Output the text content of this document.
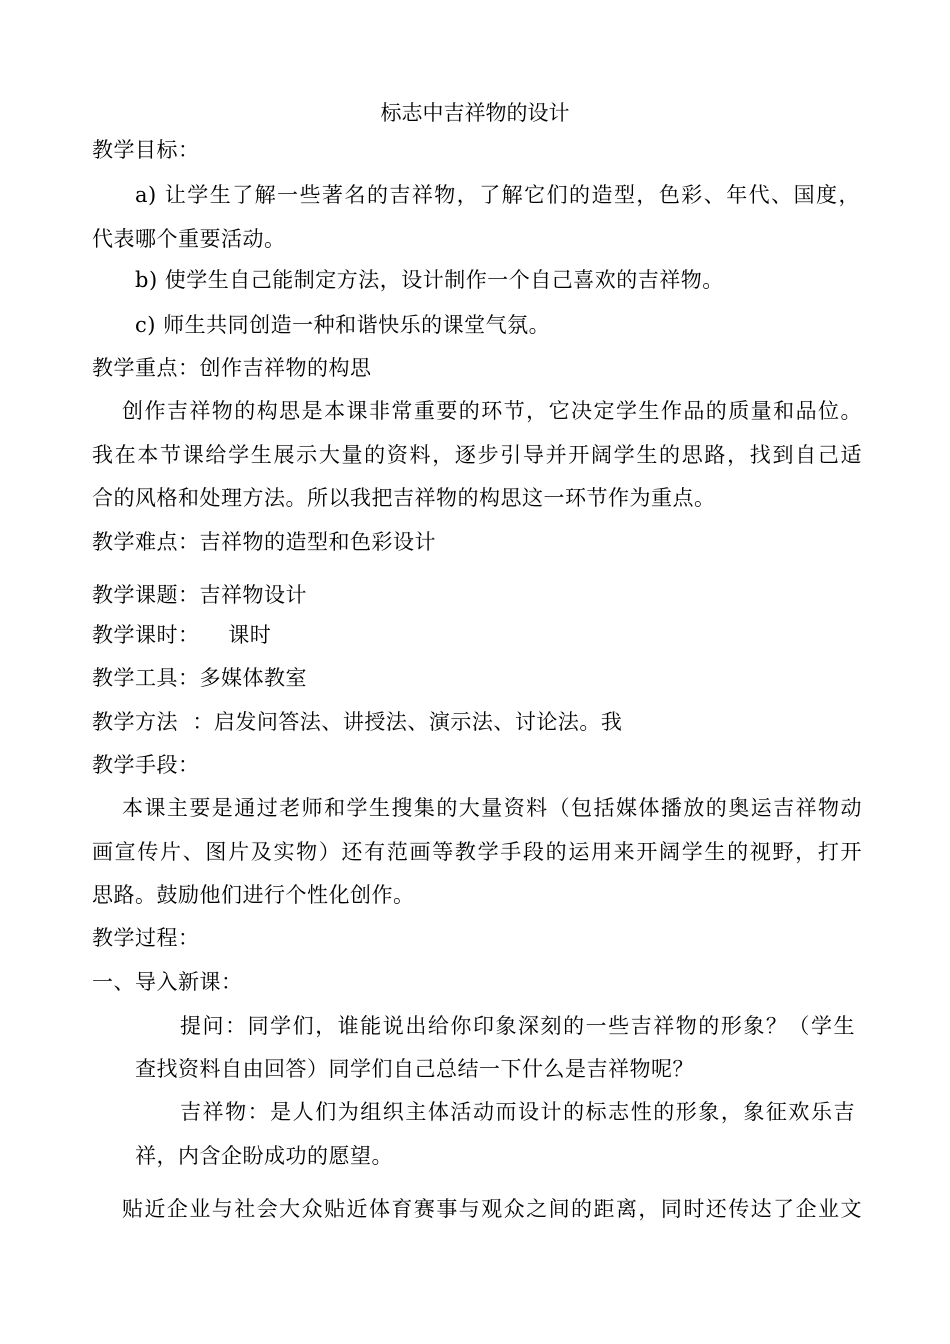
标志中吉祥物的设计
教学目标：
a) 让学生了解一些著名的吉祥物，了解它们的造型，色彩、年代、国度，
代表哪个重要活动。
b) 使学生自己能制定方法，设计制作一个自己喜欢的吉祥物。
c) 师生共同创造一种和谐快乐的课堂气氛。
教学重点：创作吉祥物的构思
创作吉祥物的构思是本课非常重要的环节，它决定学生作品的质量和品位。
我在本节课给学生展示大量的资料，逐步引导并开阔学生的思路，找到自己适
合的风格和处理方法。所以我把吉祥物的构思这一环节作为重点。
教学难点：吉祥物的造型和色彩设计
教学课题：吉祥物设计
教学课时：    课时
教学工具：多媒体教室
教学方法  ：启发问答法、讲授法、演示法、讨论法。我
教学手段：
本课主要是通过老师和学生搜集的大量资料（包括媒体播放的奥运吉祥物动
画宣传片、图片及实物）还有范画等教学手段的运用来开阔学生的视野，打开
思路。鼓励他们进行个性化创作。
教学过程：
一、导入新课：
提问：同学们，谁能说出给你印象深刻的一些吉祥物的形象？（学生
查找资料自由回答）同学们自己总结一下什么是吉祥物呢？
吉祥物：是人们为组织主体活动而设计的标志性的形象，象征欢乐吉
祥，内含企盼成功的愿望。
贴近企业与社会大众贴近体育赛事与观众之间的距离，同时还传达了企业文
